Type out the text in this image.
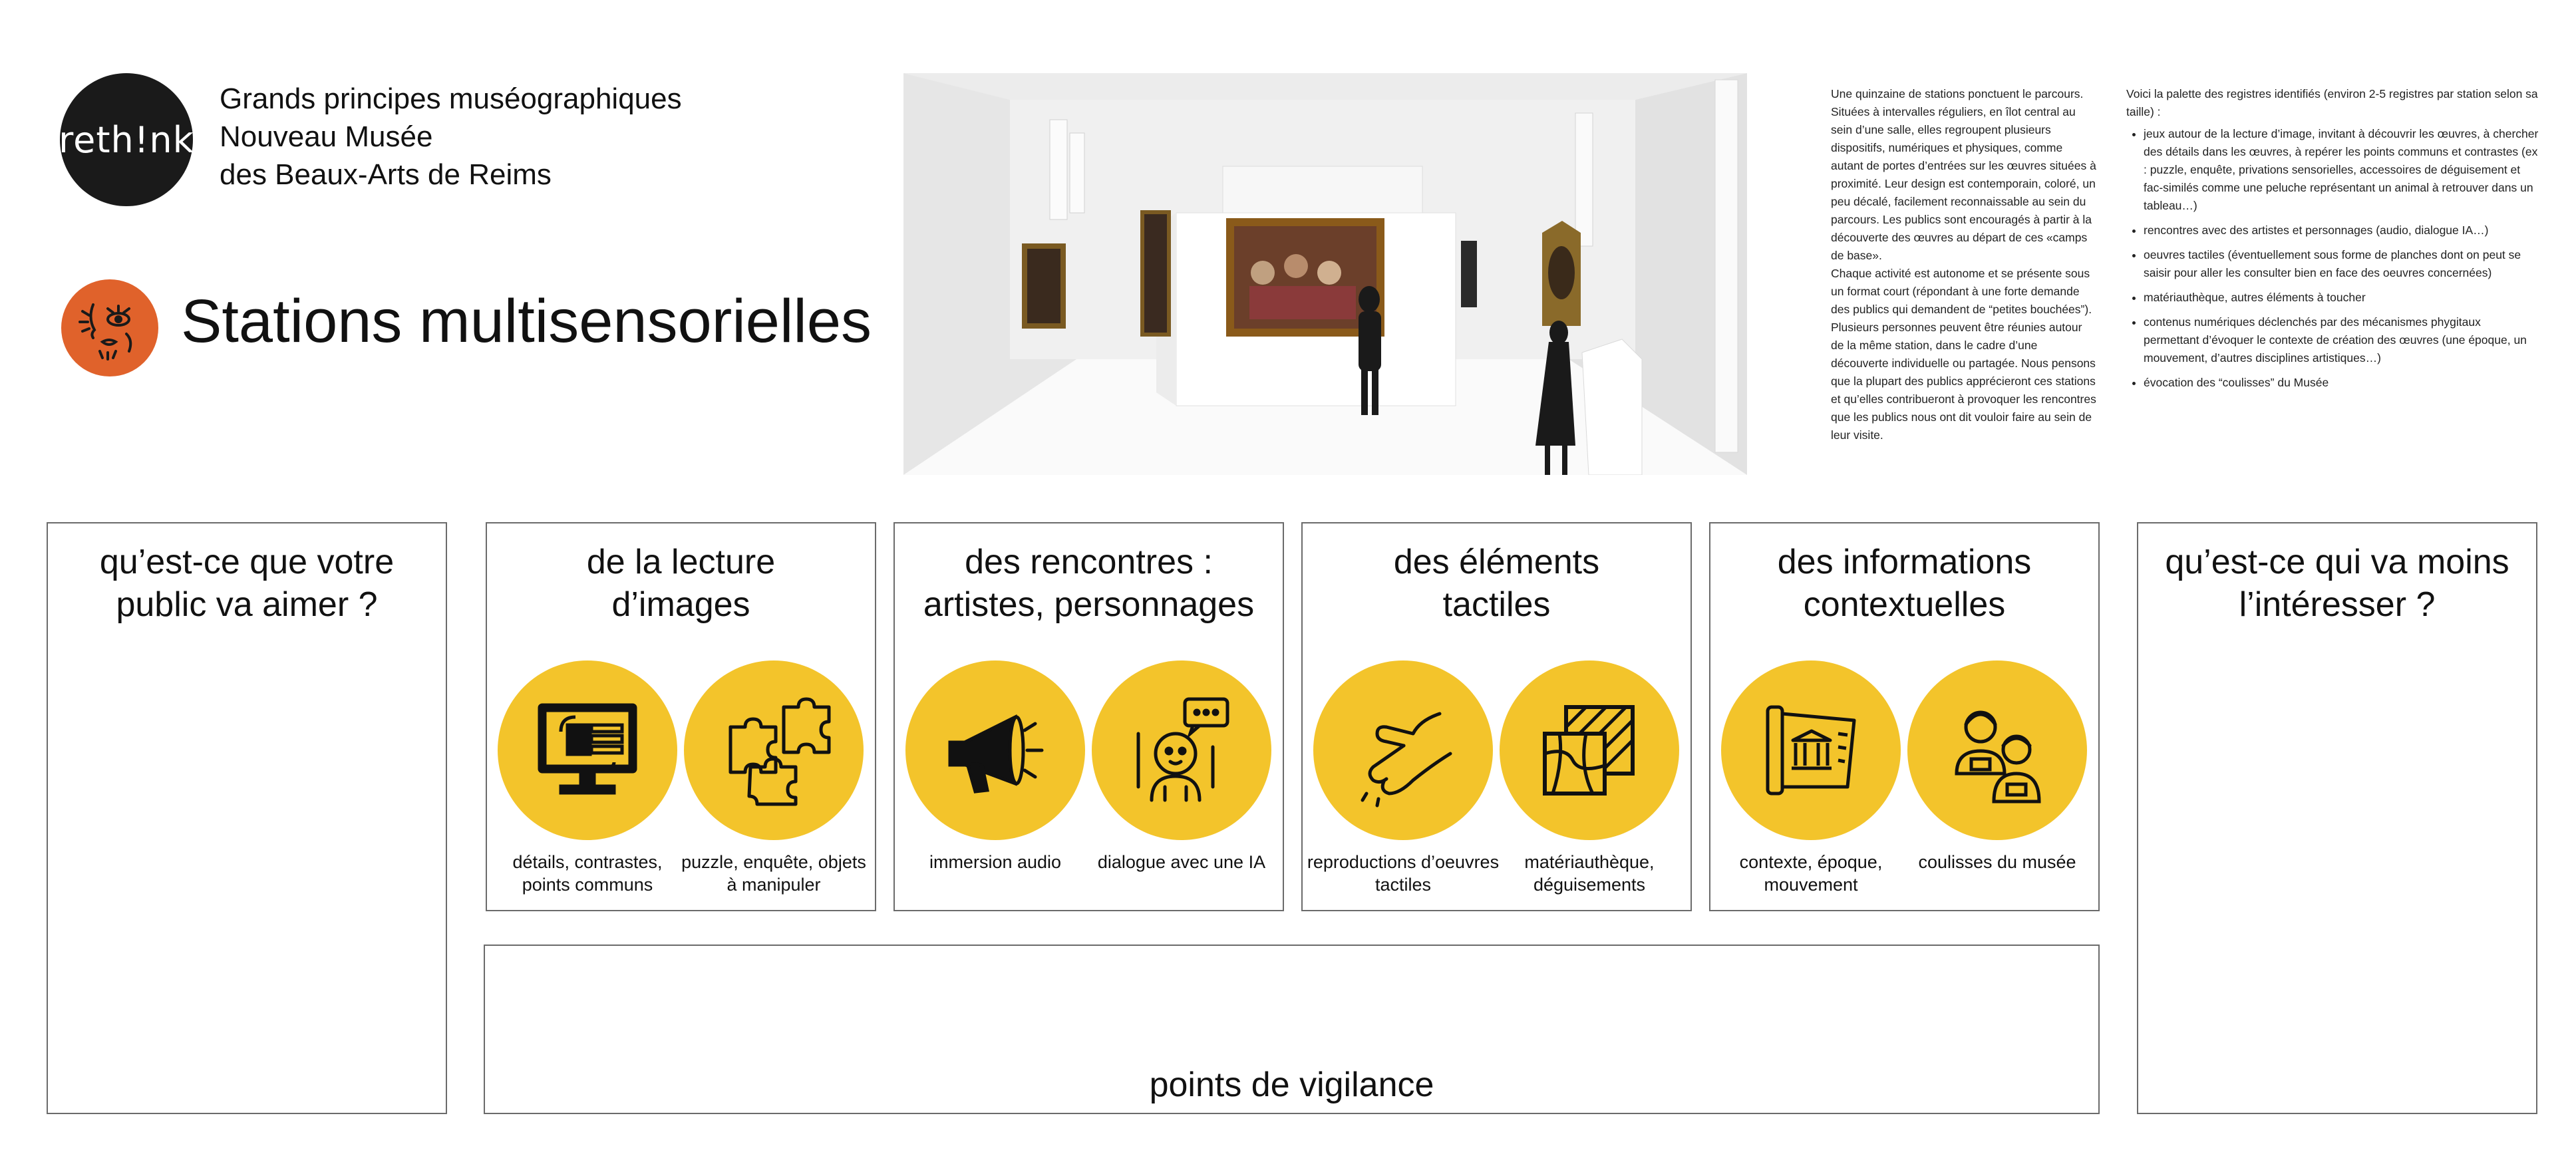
reth!nk
Grands principes muséographiques
Nouveau Musée
des Beaux-Arts de Reims
Stations multisensorielles
Une quinzaine de stations ponctuent le parcours. Situées à intervalles réguliers, en îlot central au sein d’une salle, elles regroupent plusieurs dispositifs, numériques et physiques, comme autant de portes d’entrées sur les œuvres situées à proximité. Leur design est contemporain, coloré, un peu décalé, facilement reconnaissable au sein du parcours. Les publics sont encouragés à partir à la découverte des œuvres au départ de ces «camps de base».
Chaque activité est autonome et se présente sous un format court (répondant à une forte demande des publics qui demandent de “petites bouchées”). Plusieurs personnes peuvent être réunies autour de la même station, dans le cadre d’une découverte individuelle ou partagée. Nous pensons que la plupart des publics apprécieront ces stations et qu’elles contribueront à provoquer les rencontres que les publics nous ont dit vouloir faire au sein de leur visite.
Voici la palette des registres identifiés (environ 2-5 registres par station selon sa taille) :
• jeux autour de la lecture d’image, invitant à découvrir les œuvres, à chercher des détails dans les œuvres, à repérer les points communs et contrastes (ex : puzzle, enquête, privations sensorielles, accessoires de déguisement et fac-similés comme une peluche représentant un animal à retrouver dans un tableau…)
• rencontres avec des artistes et personnages (audio, dialogue IA…)
• oeuvres tactiles (éventuellement sous forme de planches dont on peut se saisir pour aller les consulter bien en face des oeuvres concernées)
• matériauthèque, autres éléments à toucher
• contenus numériques déclenchés par des mécanismes phygitaux permettant d’évoquer le contexte de création des œuvres (une époque, un mouvement, d’autres disciplines artistiques…)
• évocation des “coulisses” du Musée
qu’est-ce que votre public va aimer ?
qu’est-ce qui va moins l’intéresser ?
de la lecture d’images
détails, contrastes, points communs
puzzle, enquête, objets à manipuler
des rencontres : artistes, personnages
immersion audio	dialogue avec une IA
des éléments tactiles
reproductions d’oeuvres tactiles
matériauthèque, déguisements
des informations contextuelles
contexte, époque, mouvement
coulisses du musée
points de vigilance
